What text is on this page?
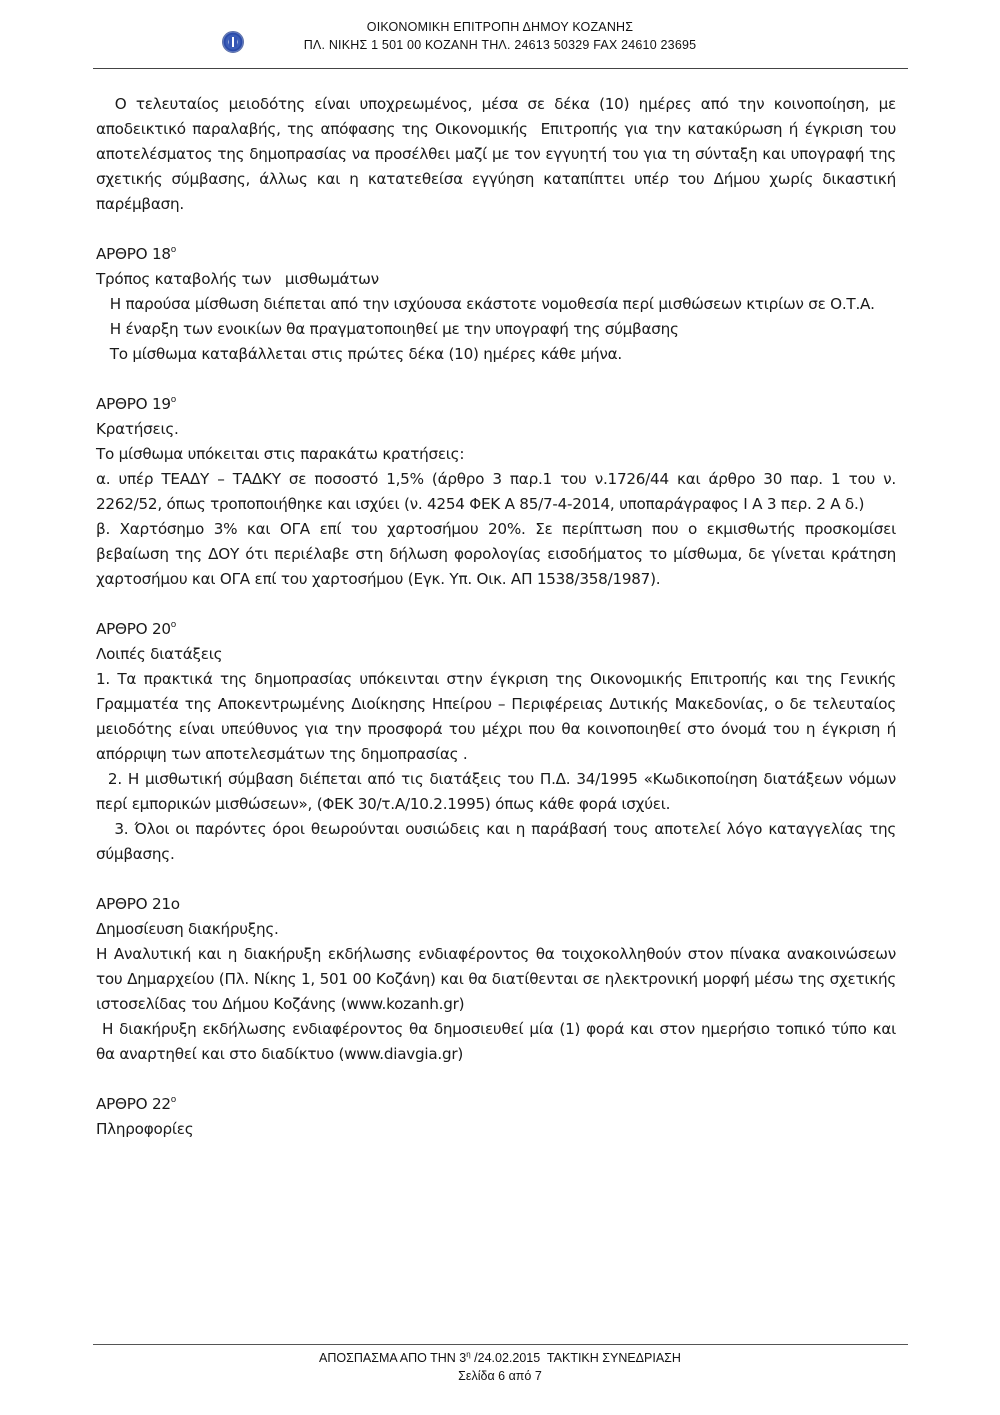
ΟΙΚΟΝΟΜΙΚΗ ΕΠΙΤΡΟΠΗ ΔΗΜΟΥ ΚΟΖΑΝΗΣ
ΠΛ. ΝΙΚΗΣ 1 501 00 ΚΟΖΑΝΗ ΤΗΛ. 24613 50329 FAX 24610 23695

Ο τελευταίος μειοδότης είναι υποχρεωμένος, μέσα σε δέκα (10) ημέρες από την κοινοποίηση, με αποδεικτικό παραλαβής, της απόφασης της Οικονομικής  Επιτροπής για την κατακύρωση ή έγκριση του αποτελέσματος της δημοπρασίας να προσέλθει μαζί με τον εγγυητή του για τη σύνταξη και υπογραφή της σχετικής σύμβασης, άλλως και η κατατεθείσα εγγύηση καταπίπτει υπέρ του Δήμου χωρίς δικαστική παρέμβαση.

ΑΡΘΡΟ $18^o$

Τρόπος καταβολής των   μισθωμάτων

Η παρούσα μίσθωση διέπεται από την ισχύουσα εκάστοτε νομοθεσία περί μισθώσεων κτιρίων σε Ο.Τ.Α.

Η έναρξη των ενοικίων θα πραγματοποιηθεί με την υπογραφή της σύμβασης

Το μίσθωμα καταβάλλεται στις πρώτες δέκα (10) ημέρες κάθε μήνα.

ΑΡΘΡΟ $19^o$

Κρατήσεις.

Το μίσθωμα υπόκειται στις παρακάτω κρατήσεις:

α. υπέρ ΤΕΑΔΥ – ΤΑΔΚΥ σε ποσοστό 1,5% (άρθρο 3 παρ.1 του ν.1726/44 και άρθρο 30 παρ. 1 του ν. 2262/52, όπως τροποποιήθηκε και ισχύει (ν. 4254 ΦΕΚ Α 85/7-4-2014, υποπαράγραφος Ι Α 3 περ. 2 Α δ.)

β. Χαρτόσημο 3% και ΟΓΑ επί του χαρτοσήμου 20%. Σε περίπτωση που ο εκμισθωτής προσκομίσει βεβαίωση της ΔΟΥ ότι περιέλαβε στη δήλωση φορολογίας εισοδήματος το μίσθωμα, δε γίνεται κράτηση χαρτοσήμου και ΟΓΑ επί του χαρτοσήμου (Εγκ. Υπ. Οικ. ΑΠ 1538/358/1987).

ΑΡΘΡΟ $20^o$

Λοιπές διατάξεις

1. Τα πρακτικά της δημοπρασίας υπόκεινται στην έγκριση της Οικονομικής Επιτροπής και της Γενικής Γραμματέα της Αποκεντρωμένης Διοίκησης Ηπείρου – Περιφέρειας Δυτικής Μακεδονίας, ο δε τελευταίος μειοδότης είναι υπεύθυνος για την προσφορά του μέχρι που θα κοινοποιηθεί στο όνομά του η έγκριση ή απόρριψη των αποτελεσμάτων της δημοπρασίας .

2. Η μισθωτική σύμβαση διέπεται από τις διατάξεις του Π.Δ. 34/1995 «Κωδικοποίηση διατάξεων νόμων περί εμπορικών μισθώσεων», (ΦΕΚ 30/τ.Α/10.2.1995) όπως κάθε φορά ισχύει.

3. Όλοι οι παρόντες όροι θεωρούνται ουσιώδεις και η παράβασή τους αποτελεί λόγο καταγγελίας της σύμβασης.

ΑΡΘΡΟ 21ο

Δημοσίευση διακήρυξης.

Η Αναλυτική και η διακήρυξη εκδήλωσης ενδιαφέροντος θα τοιχοκολληθούν στον πίνακα ανακοινώσεων του Δημαρχείου (Πλ. Νίκης 1, 501 00 Κοζάνη) και θα διατίθενται σε ηλεκτρονική μορφή μέσω της σχετικής ιστοσελίδας του Δήμου Κοζάνης (www.kozanh.gr)

Η διακήρυξη εκδήλωσης ενδιαφέροντος θα δημοσιευθεί μία (1) φορά και στον ημερήσιο τοπικό τύπο και  θα αναρτηθεί και στο διαδίκτυο (www.diavgia.gr)

ΑΡΘΡΟ $22^o$

Πληροφορίες

ΑΠΟΣΠΑΣΜΑ ΑΠΟ ΤΗΝ $3^\eta$ /24.02.2015  ΤΑΚΤΙΚΗ ΣΥΝΕΔΡΙΑΣΗ
Σελίδα 6 από 7
